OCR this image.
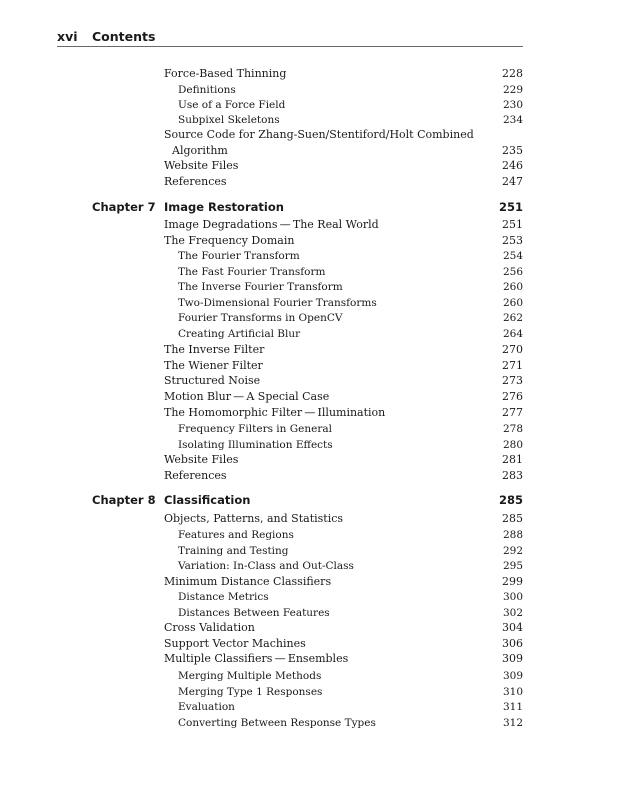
xvi Contents
Force-Based Thinning	228
Definitions	229
Use of a Force Field	230
Subpixel Skeletons	234
Source Code for Zhang-Suen/Stentiford/Holt Combined
Algorithm	235
Website Files	246
References	247
Chapter 7 Image Restoration	251
Image Degradations — The Real World	251
The Frequency Domain	253
The Fourier Transform	254
The Fast Fourier Transform	256
The Inverse Fourier Transform	260
Two-Dimensional Fourier Transforms	260
Fourier Transforms in OpenCV	262
Creating Artificial Blur	264
The Inverse Filter	270
The Wiener Filter	271
Structured Noise	273
Motion Blur — A Special Case	276
The Homomorphic Filter — Illumination	277
Frequency Filters in General	278
Isolating Illumination Effects	280
Website Files	281
References	283
Chapter 8 Classification	285
Objects, Patterns, and Statistics	285
Features and Regions	288
Training and Testing	292
Variation: In-Class and Out-Class	295
Minimum Distance Classifiers	299
Distance Metrics	300
Distances Between Features	302
Cross Validation	304
Support Vector Machines	306
Multiple Classifiers — Ensembles	309
Merging Multiple Methods	309
Merging Type 1 Responses	310
Evaluation	311
Converting Between Response Types	312
